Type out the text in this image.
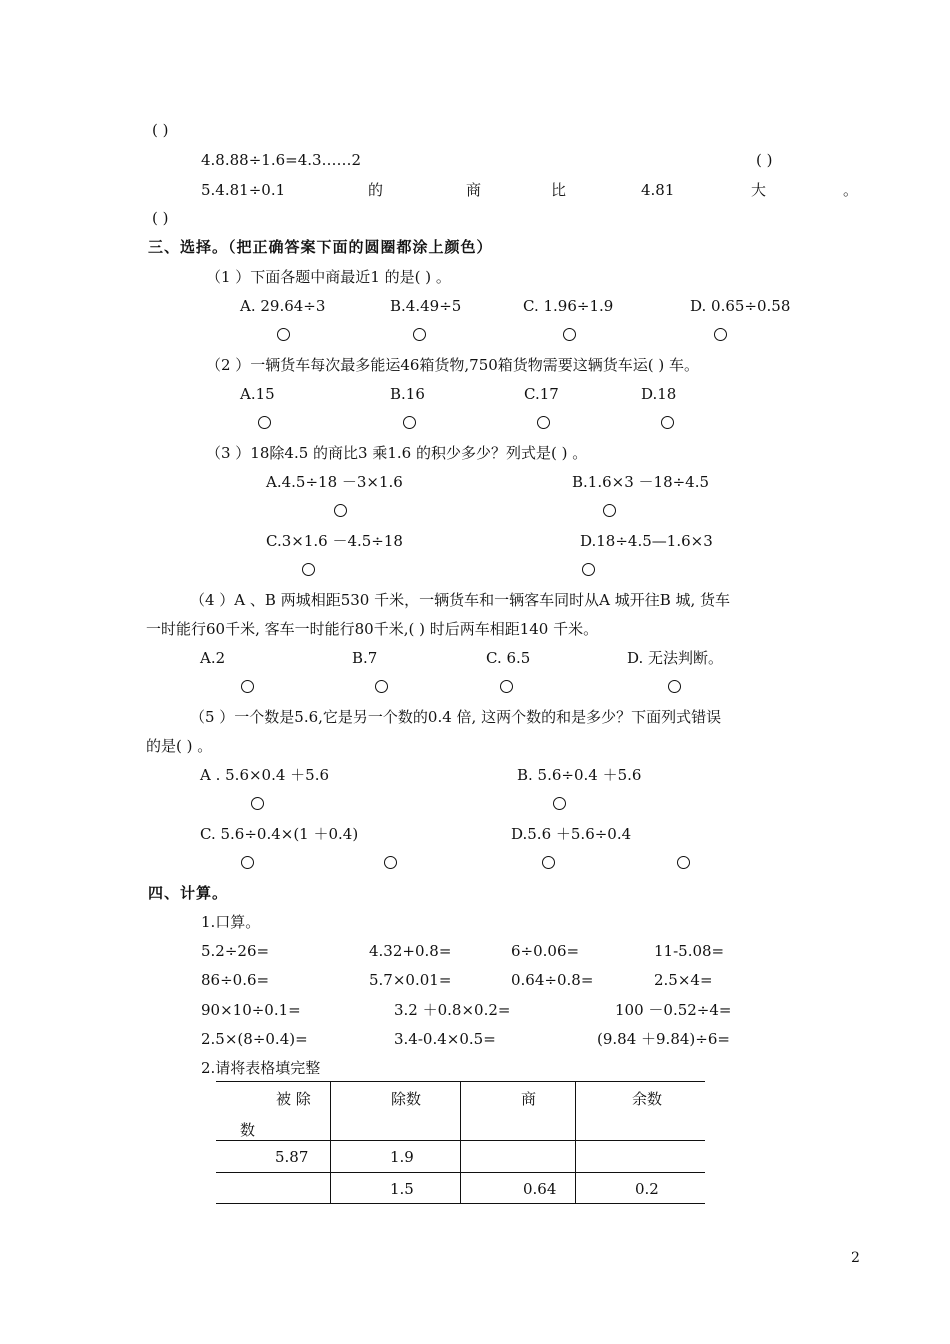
( )
4.8.88÷1.6=4.3……2	( )
5.4.81÷0.1	的	商	比	4.81	大	。
( )
三、选择。（把正确答案下面的圆圈都涂上颜色）
（1 ）下面各题中商最近1 的是( ) 。
A. 29.64÷3	B.4.49÷5	C. 1.96÷1.9	D. 0.65÷0.58
（2 ）一辆货车每次最多能运46箱货物,750箱货物需要这辆货车运( ) 车。
A.15	B.16	C.17	D.18
（3 ）18除4.5 的商比3 乘1.6 的积少多少？列式是( ) 。
A.4.5÷18 －3×1.6	B.1.6×3 －18÷4.5
C.3×1.6 －4.5÷18	D.18÷4.5—1.6×3
（4 ）A 、B 两城相距530 千米，一辆货车和一辆客车同时从A 城开往B 城, 货车
一时能行60千米, 客车一时能行80千米,( ) 时后两车相距140 千米。
A.2	B.7	C. 6.5	D. 无法判断。
（5 ）一个数是5.6,它是另一个数的0.4 倍, 这两个数的和是多少？下面列式错误
的是( ) 。
A . 5.6×0.4 ＋5.6	B. 5.6÷0.4 ＋5.6
C. 5.6÷0.4×(1 ＋0.4)	D.5.6 ＋5.6÷0.4
四、计算。
1.口算。
5.2÷26=	4.32+0.8=	6÷0.06=	11-5.08=
86÷0.6=	5.7×0.01=	0.64÷0.8=	2.5×4=
90×10÷0.1=	3.2 ＋0.8×0.2=	100 －0.52÷4=
2.5×(8÷0.4)=	3.4-0.4×0.5=	(9.84 ＋9.84)÷6=
2.请将表格填完整
被 除
数	除数	商	余数

5.87	1.9		

	1.5	0.64	0.2
2
